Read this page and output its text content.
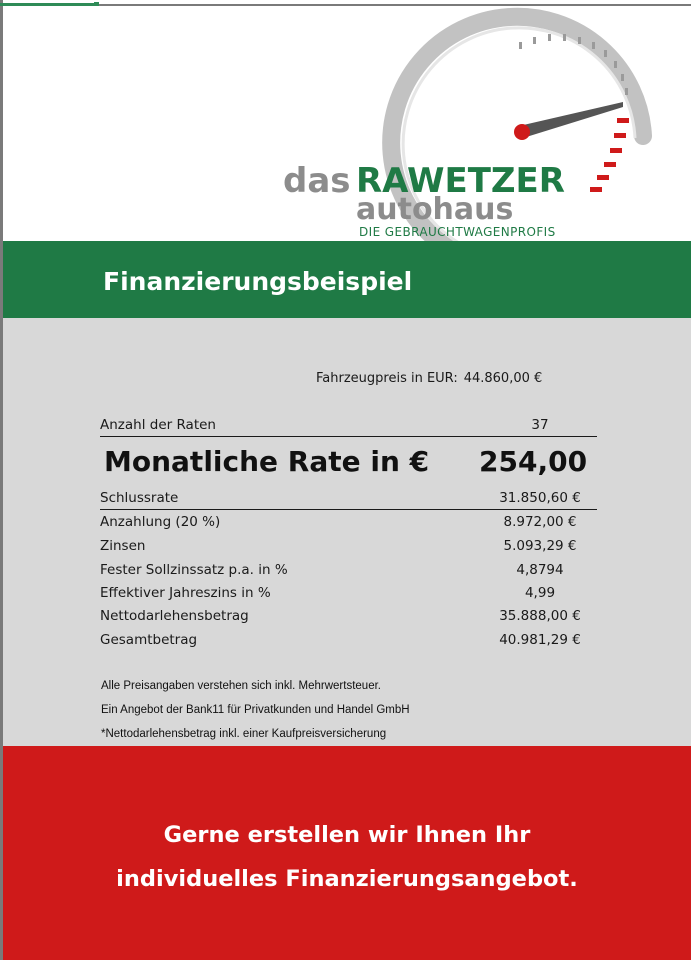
das RAWETZER
autohaus
DIE GEBRAUCHTWAGENPROFIS
Finanzierungsbeispiel
Fahrzeugpreis in EUR: 44.860,00 €
Anzahl der Raten	37
Monatliche Rate in € 254,00
Schlussrate	31.850,60 €
Anzahlung (20 %)	8.972,00 €
Zinsen	5.093,29 €
Fester Sollzinssatz p.a. in %	4,8794
Effektiver Jahreszins in %	4,99
Nettodarlehensbetrag	35.888,00 €
Gesamtbetrag	40.981,29 €
Alle Preisangaben verstehen sich inkl. Mehrwertsteuer.
Ein Angebot der Bank11 für Privatkunden und Handel GmbH
*Nettodarlehensbetrag inkl. einer Kaufpreisversicherung
Gerne erstellen wir Ihnen Ihr
individuelles Finanzierungsangebot.
